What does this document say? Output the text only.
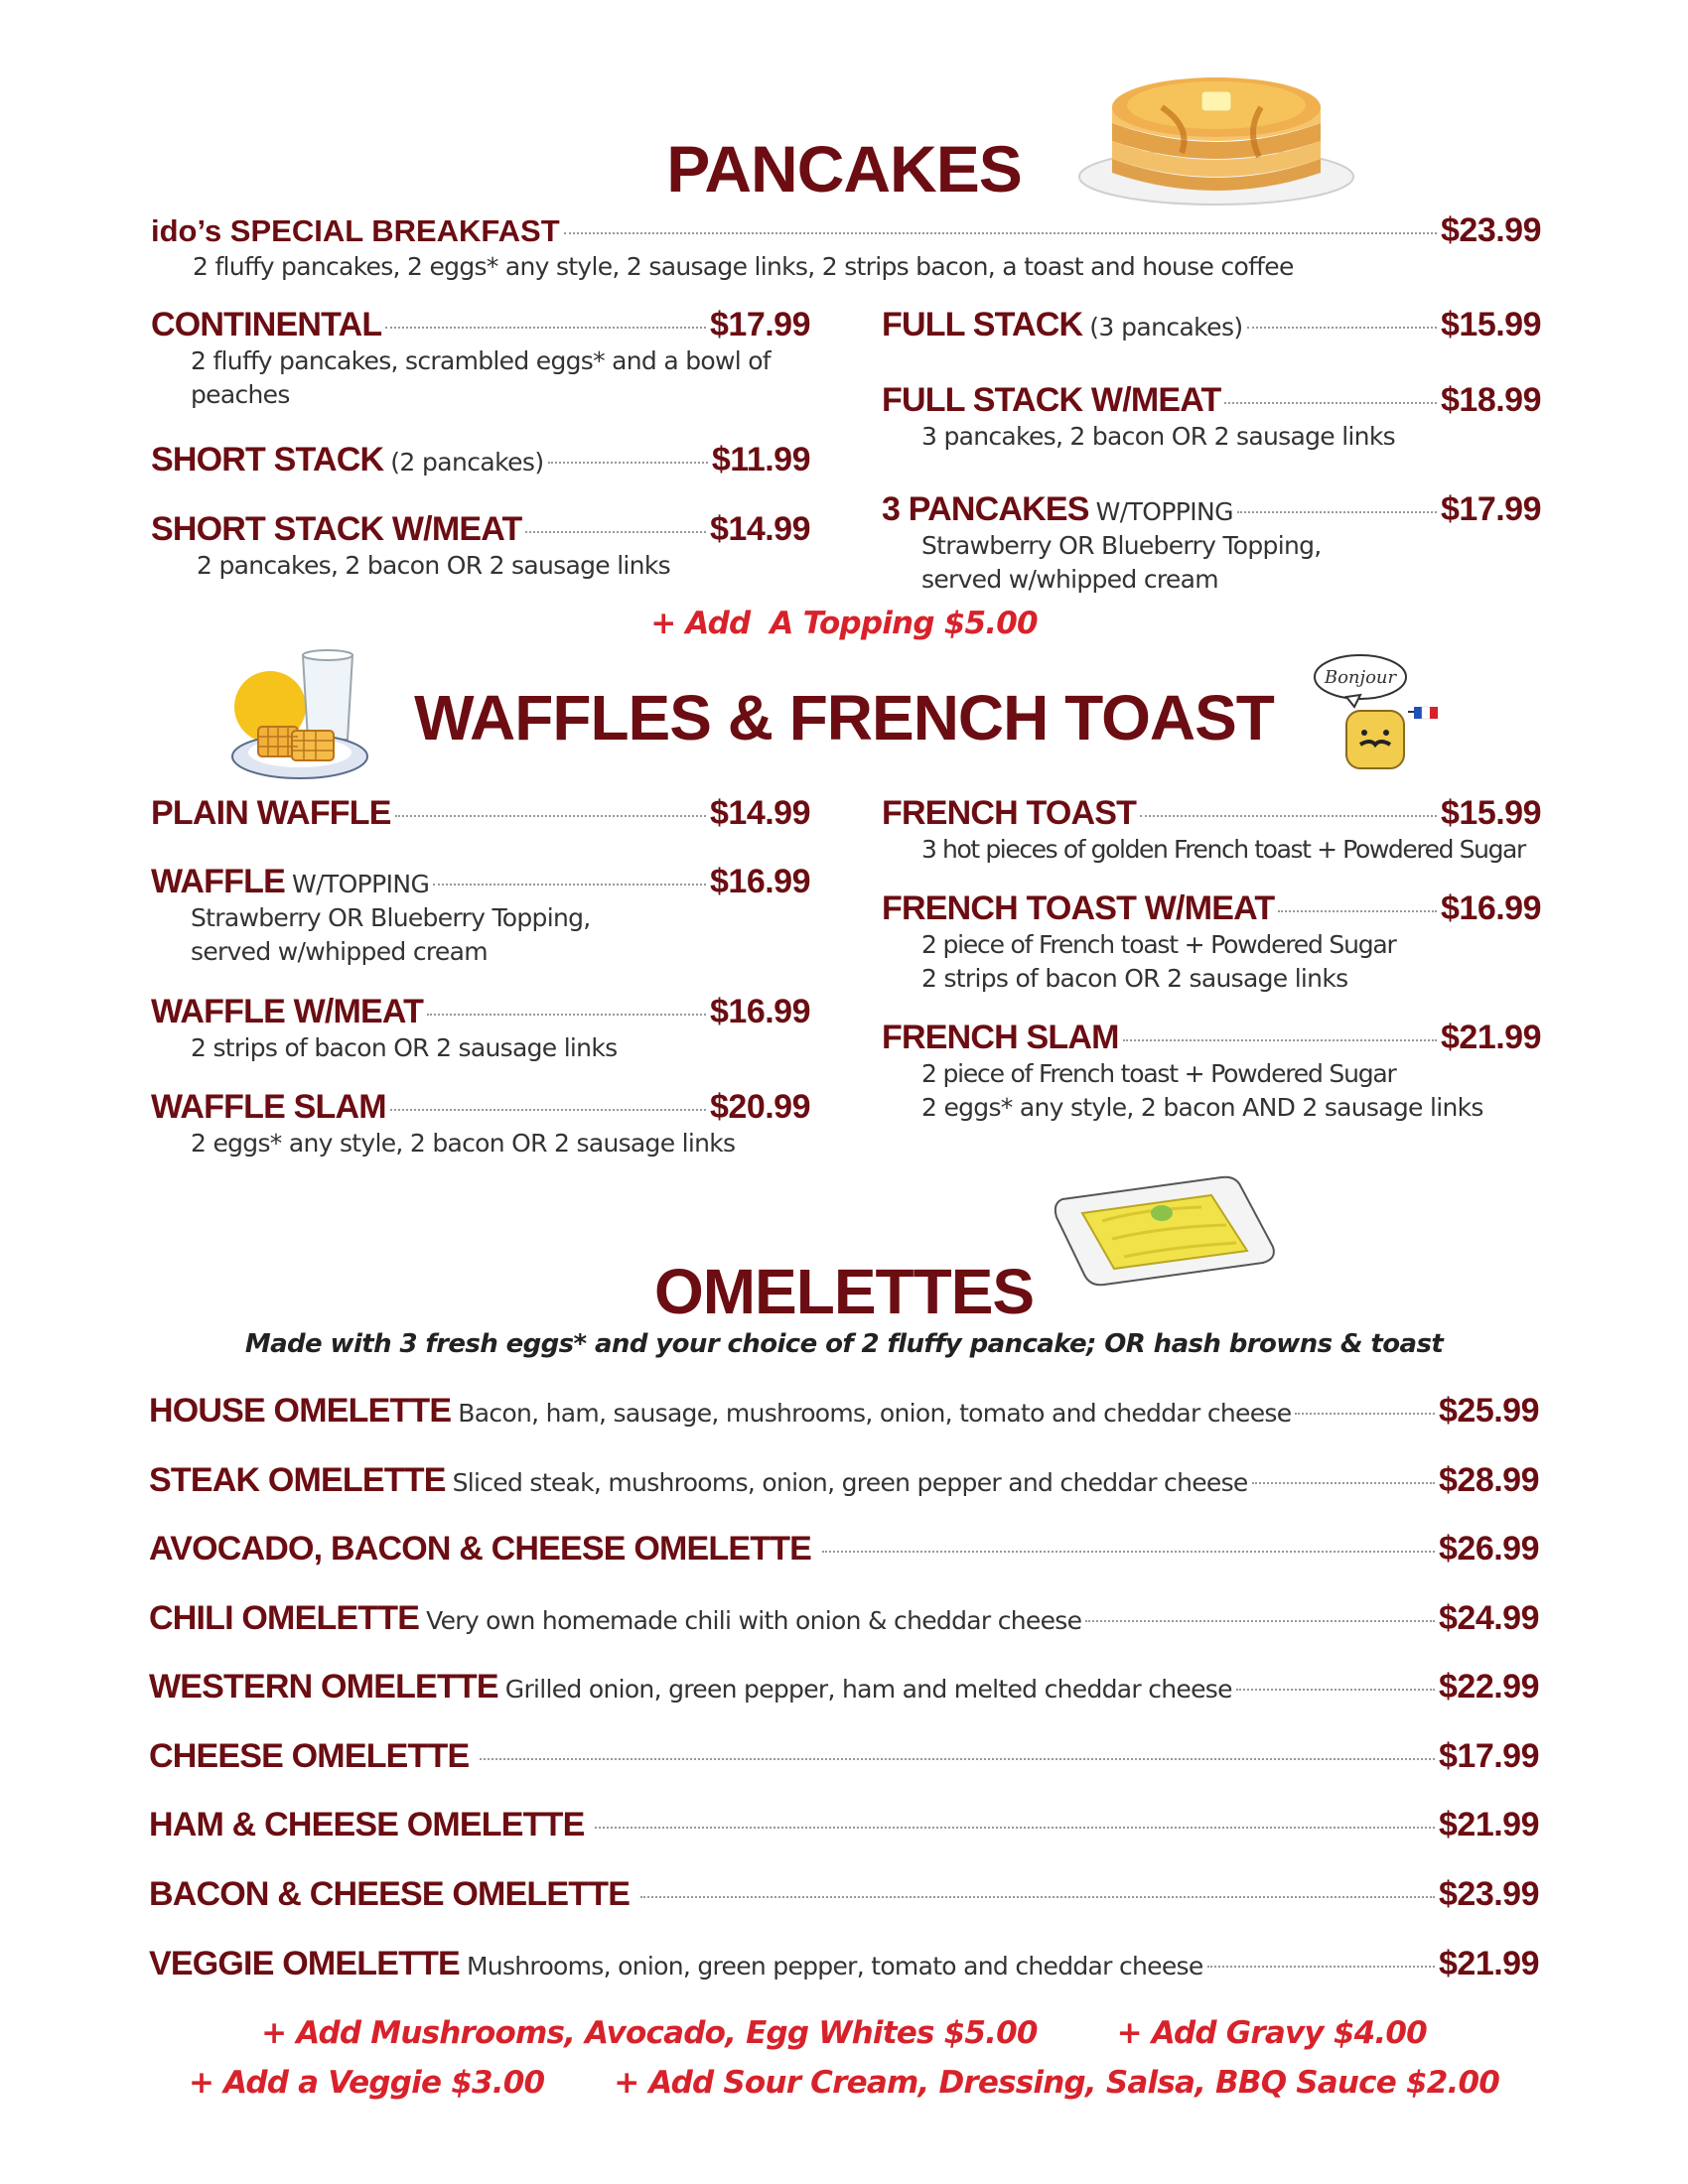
PANCAKES
ido’s SPECIAL BREAKFAST	$23.99
2 fluffy pancakes, 2 eggs* any style, 2 sausage links, 2 strips bacon, a toast and house coffee
CONTINENTAL	$17.99
2 fluffy pancakes, scrambled eggs* and a bowl of peaches
SHORT STACK (2 pancakes)	$11.99
SHORT STACK W/MEAT	$14.99
2 pancakes, 2 bacon OR 2 sausage links
FULL STACK (3 pancakes)	$15.99
FULL STACK W/MEAT	$18.99
3 pancakes, 2 bacon OR 2 sausage links
3 PANCAKES W/TOPPING	$17.99
Strawberry OR Blueberry Topping, served w/whipped cream
+ Add  A Topping $5.00
WAFFLES & FRENCH TOAST
Bonjour
PLAIN WAFFLE	$14.99
WAFFLE W/TOPPING	$16.99
Strawberry OR Blueberry Topping, served w/whipped cream
WAFFLE W/MEAT	$16.99
2 strips of bacon OR 2 sausage links
WAFFLE SLAM	$20.99
2 eggs* any style, 2 bacon OR 2 sausage links
FRENCH TOAST	$15.99
3 hot pieces of golden French toast + Powdered Sugar
FRENCH TOAST W/MEAT	$16.99
2 piece of French toast + Powdered Sugar
2 strips of bacon OR 2 sausage links
FRENCH SLAM	$21.99
2 piece of French toast + Powdered Sugar
2 eggs* any style, 2 bacon AND 2 sausage links
OMELETTES
Made with 3 fresh eggs* and your choice of 2 fluffy pancake; OR hash browns & toast
HOUSE OMELETTE Bacon, ham, sausage, mushrooms, onion, tomato and cheddar cheese	$25.99
STEAK OMELETTE Sliced steak, mushrooms, onion, green pepper and cheddar cheese	$28.99
AVOCADO, BACON & CHEESE OMELETTE	$26.99
CHILI OMELETTE Very own homemade chili with onion & cheddar cheese	$24.99
WESTERN OMELETTE Grilled onion, green pepper, ham and melted cheddar cheese	$22.99
CHEESE OMELETTE	$17.99
HAM & CHEESE OMELETTE	$21.99
BACON & CHEESE OMELETTE	$23.99
VEGGIE OMELETTE Mushrooms, onion, green pepper, tomato and cheddar cheese	$21.99
+ Add Mushrooms, Avocado, Egg Whites $5.00        + Add Gravy $4.00
+ Add a Veggie $3.00       + Add Sour Cream, Dressing, Salsa, BBQ Sauce $2.00
